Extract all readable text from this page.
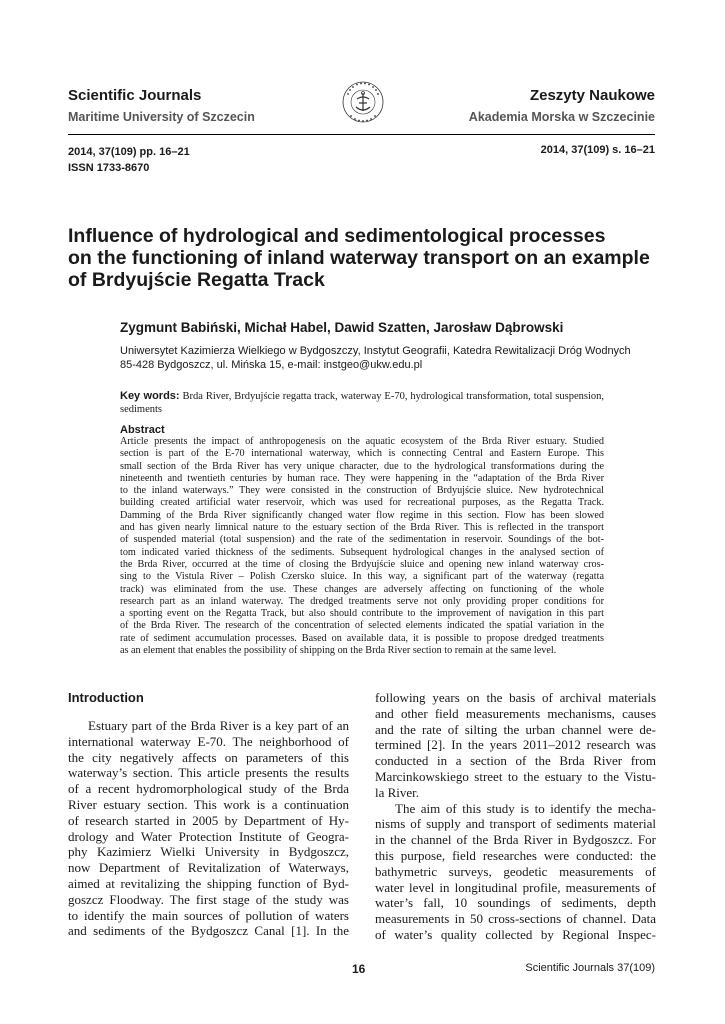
Scientific Journals
Maritime University of Szczecin
Zeszyty Naukowe
Akademia Morska w Szczecinie
2014, 37(109) pp. 16–21
ISSN 1733-8670
2014, 37(109) s. 16–21
Influence of hydrological and sedimentological processes
on the functioning of inland waterway transport on an example
of Brdyujście Regatta Track
Zygmunt Babiński, Michał Habel, Dawid Szatten, Jarosław Dąbrowski
Uniwersytet Kazimierza Wielkiego w Bydgoszczy, Instytut Geografii, Katedra Rewitalizacji Dróg Wodnych
85-428 Bydgoszcz, ul. Mińska 15, e-mail: instgeo@ukw.edu.pl
Key words: Brda River, Brdyujście regatta track, waterway E-70, hydrological transformation, total suspension, sediments
Abstract
Article presents the impact of anthropogenesis on the aquatic ecosystem of the Brda River estuary. Studied
section is part of the E-70 international waterway, which is connecting Central and Eastern Europe. This
small section of the Brda River has very unique character, due to the hydrological transformations during the
nineteenth and twentieth centuries by human race. They were happening in the “adaptation of the Brda River
to the inland waterways.” They were consisted in the construction of Brdyujście sluice. New hydrotechnical
building created artificial water reservoir, which was used for recreational purposes, as the Regatta Track.
Damming of the Brda River significantly changed water flow regime in this section. Flow has been slowed
and has given nearly limnical nature to the estuary section of the Brda River. This is reflected in the transport
of suspended material (total suspension) and the rate of the sedimentation in reservoir. Soundings of the bot-
tom indicated varied thickness of the sediments. Subsequent hydrological changes in the analysed section of
the Brda River, occurred at the time of closing the Brdyujście sluice and opening new inland waterway cros-
sing to the Vistula River – Polish Czersko sluice. In this way, a significant part of the waterway (regatta
track) was eliminated from the use. These changes are adversely affecting on functioning of the whole
research part as an inland waterway. The dredged treatments serve not only providing proper conditions for
a sporting event on the Regatta Track, but also should contribute to the improvement of navigation in this part
of the Brda River. The research of the concentration of selected elements indicated the spatial variation in the
rate of sediment accumulation processes. Based on available data, it is possible to propose dredged treatments
as an element that enables the possibility of shipping on the Brda River section to remain at the same level.
Introduction
Estuary part of the Brda River is a key part of an
international waterway E-70. The neighborhood of
the city negatively affects on parameters of this
waterway’s section. This article presents the results
of a recent hydromorphological study of the Brda
River estuary section. This work is a continuation
of research started in 2005 by Department of Hy-
drology and Water Protection Institute of Geogra-
phy Kazimierz Wielki University in Bydgoszcz,
now Department of Revitalization of Waterways,
aimed at revitalizing the shipping function of Byd-
goszcz Floodway. The first stage of the study was
to identify the main sources of pollution of waters
and sediments of the Bydgoszcz Canal [1]. In the
following years on the basis of archival materials
and other field measurements mechanisms, causes
and the rate of silting the urban channel were de-
termined [2]. In the years 2011–2012 research was
conducted in a section of the Brda River from
Marcinkowskiego street to the estuary to the Vistu-
la River.
The aim of this study is to identify the mecha-
nisms of supply and transport of sediments material
in the channel of the Brda River in Bydgoszcz. For
this purpose, field researches were conducted: the
bathymetric surveys, geodetic measurements of
water level in longitudinal profile, measurements of
water’s fall, 10 soundings of sediments, depth
measurements in 50 cross-sections of channel. Data
of water’s quality collected by Regional Inspec-
16	Scientific Journals 37(109)
